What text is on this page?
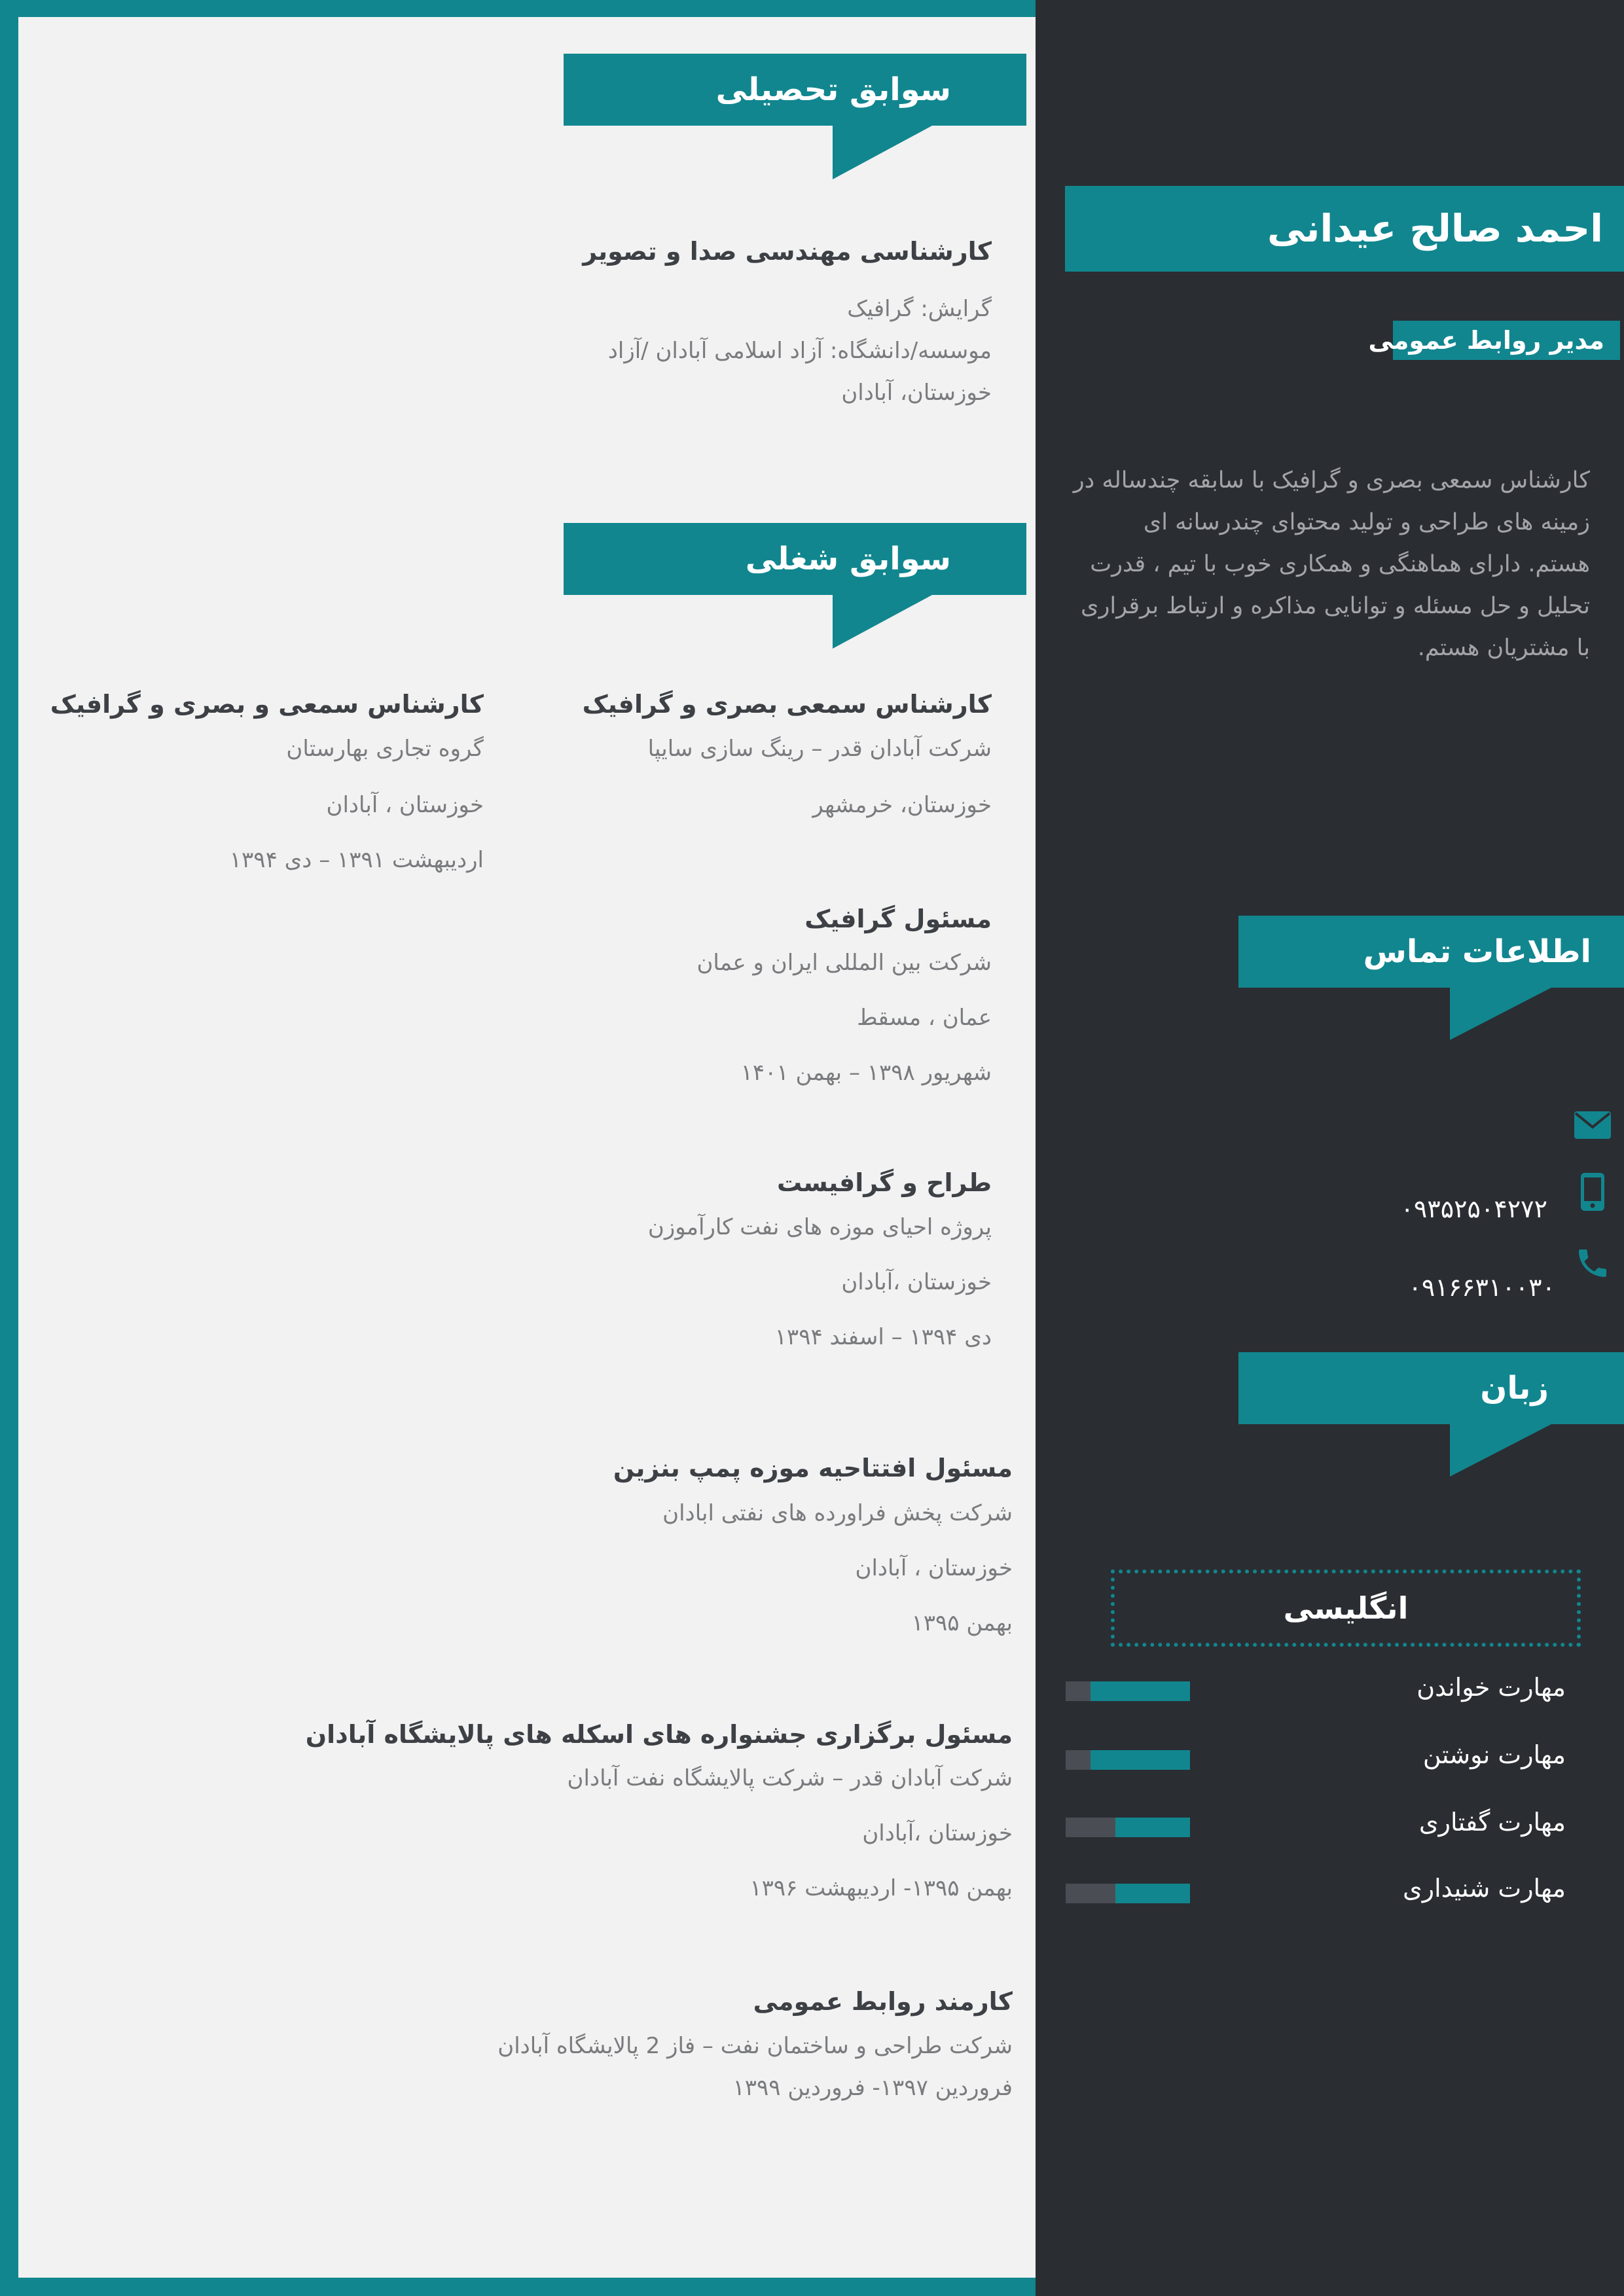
احمد صالح عیدانی
مدیر روابط عمومی
کارشناس سمعی بصری و گرافیک با سابقه چندساله در
زمینه های طراحی و تولید محتوای چندرسانه ای
هستم. دارای هماهنگی و همکاری خوب با تیم ، قدرت
تحلیل و حل مسئله و توانایی مذاکره و ارتباط برقراری
با مشتریان هستم.
اطلاعات تماس
۰۹۳۵۲۵۰۴۲۷۲
۰۹۱۶۶۳۱۰۰۳۰
زبان
انگلیسی
مهارت خواندن
مهارت نوشتن
مهارت گفتاری
مهارت شنیداری
سوابق تحصیلی
کارشناسی مهندسی صدا و تصویر
گرایش: گرافیک
موسسه/دانشگاه: آزاد اسلامی آبادان /آزاد
خوزستان، آبادان
سوابق شغلی
کارشناس سمعی بصری و گرافیک
شرکت آبادان قدر – رینگ سازی سایپا
خوزستان، خرمشهر
کارشناس سمعی و بصری و گرافیک
گروه تجاری بهارستان
خوزستان ، آبادان
اردیبهشت ۱۳۹۱ – دی ۱۳۹۴
مسئول گرافیک
شرکت بین المللی ایران و عمان
عمان ، مسقط
شهریور ۱۳۹۸ – بهمن ۱۴۰۱
طراح و گرافیست
پروژه احیای موزه های نفت کارآموزن
خوزستان ،آبادان
دی ۱۳۹۴ – اسفند ۱۳۹۴
مسئول افتتاحیه موزه پمپ بنزین
شرکت پخش فراورده های نفتی ابادان
خوزستان ، آبادان
بهمن ۱۳۹۵
مسئول برگزاری جشنواره های اسکله های پالایشگاه آبادان
شرکت آبادان قدر – شرکت پالایشگاه نفت آبادان
خوزستان ،آبادان
بهمن ۱۳۹۵- اردیبهشت ۱۳۹۶
کارمند روابط عمومی
شرکت طراحی و ساختمان نفت – فاز 2 پالایشگاه آبادان
فروردین ۱۳۹۷- فروردین ۱۳۹۹
